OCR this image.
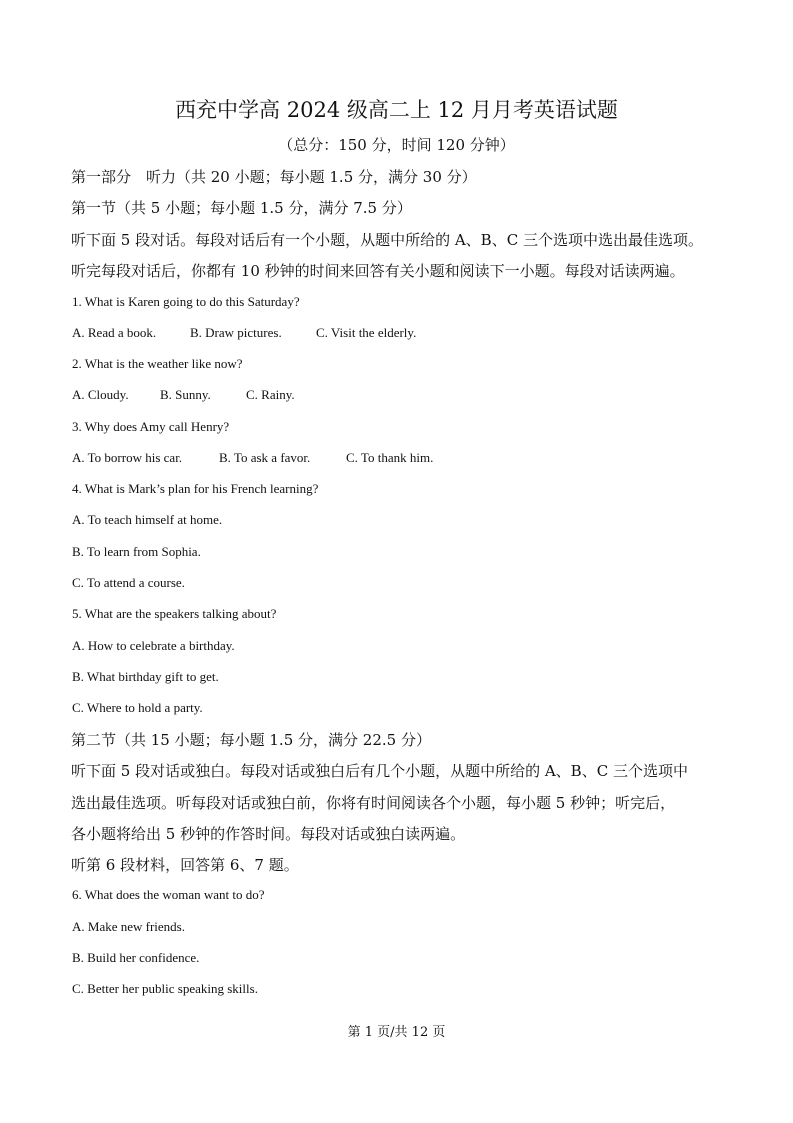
西充中学高 2024 级高二上 12 月月考英语试题
（总分：150 分，时间 120 分钟）
第一部分　听力（共 20 小题；每小题 1.5 分，满分 30 分）
第一节（共 5 小题；每小题 1.5 分，满分 7.5 分）
听下面 5 段对话。每段对话后有一个小题，从题中所给的 A、B、C 三个选项中选出最佳选项。
听完每段对话后，你都有 10 秒钟的时间来回答有关小题和阅读下一小题。每段对话读两遍。
1. What is Karen going to do this Saturday?
A. Read a book.	B. Draw pictures.	C. Visit the elderly.
2. What is the weather like now?
A. Cloudy. B. Sunny.	C. Rainy.
3. Why does Amy call Henry?
A. To borrow his car.	B. To ask a favor.	C. To thank him.
4. What is Mark’s plan for his French learning?
A. To teach himself at home.
B. To learn from Sophia.
C. To attend a course.
5. What are the speakers talking about?
A. How to celebrate a birthday.
B. What birthday gift to get.
C. Where to hold a party.
第二节（共 15 小题；每小题 1.5 分，满分 22.5 分）
听下面 5 段对话或独白。每段对话或独白后有几个小题，从题中所给的 A、B、C 三个选项中
选出最佳选项。听每段对话或独白前，你将有时间阅读各个小题，每小题 5 秒钟；听完后，
各小题将给出 5 秒钟的作答时间。每段对话或独白读两遍。
听第 6 段材料，回答第 6、7 题。
6. What does the woman want to do?
A. Make new friends.
B. Build her confidence.
C. Better her public speaking skills.
第 1 页/共 12 页
